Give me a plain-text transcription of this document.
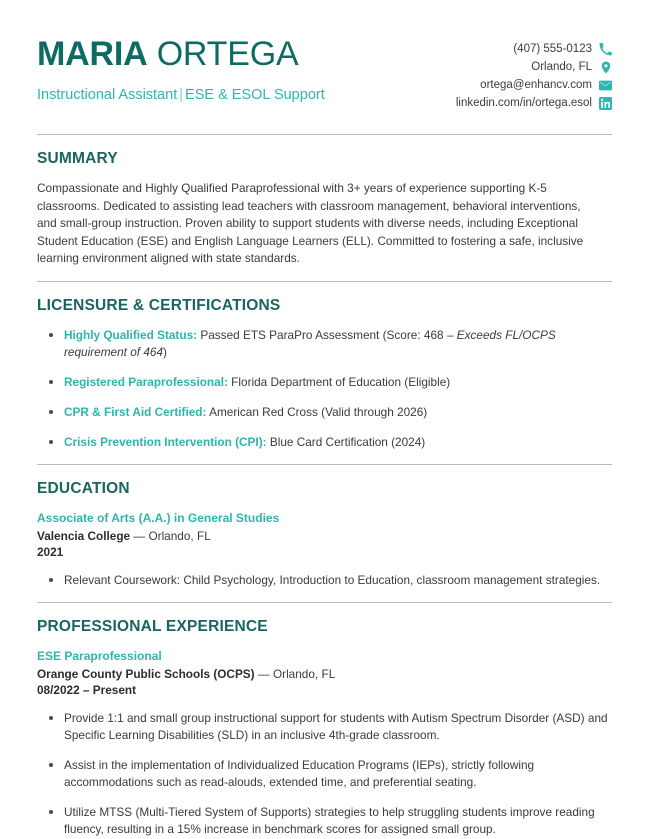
MARIA ORTEGA
Instructional Assistant | ESE & ESOL Support
(407) 555-0123
Orlando, FL
ortega@enhancv.com
linkedin.com/in/ortega.esol
SUMMARY
Compassionate and Highly Qualified Paraprofessional with 3+ years of experience supporting K-5 classrooms. Dedicated to assisting lead teachers with classroom management, behavioral interventions, and small-group instruction. Proven ability to support students with diverse needs, including Exceptional Student Education (ESE) and English Language Learners (ELL). Committed to fostering a safe, inclusive learning environment aligned with state standards.
LICENSURE & CERTIFICATIONS
Highly Qualified Status: Passed ETS ParaPro Assessment (Score: 468 – Exceeds FL/OCPS requirement of 464)
Registered Paraprofessional: Florida Department of Education (Eligible)
CPR & First Aid Certified: American Red Cross (Valid through 2026)
Crisis Prevention Intervention (CPI): Blue Card Certification (2024)
EDUCATION
Associate of Arts (A.A.) in General Studies
Valencia College — Orlando, FL
2021
Relevant Coursework: Child Psychology, Introduction to Education, classroom management strategies.
PROFESSIONAL EXPERIENCE
ESE Paraprofessional
Orange County Public Schools (OCPS) — Orlando, FL
08/2022 – Present
Provide 1:1 and small group instructional support for students with Autism Spectrum Disorder (ASD) and Specific Learning Disabilities (SLD) in an inclusive 4th-grade classroom.
Assist in the implementation of Individualized Education Programs (IEPs), strictly following accommodations such as read-alouds, extended time, and preferential seating.
Utilize MTSS (Multi-Tiered System of Supports) strategies to help struggling students improve reading fluency, resulting in a 15% increase in benchmark scores for assigned small group.
